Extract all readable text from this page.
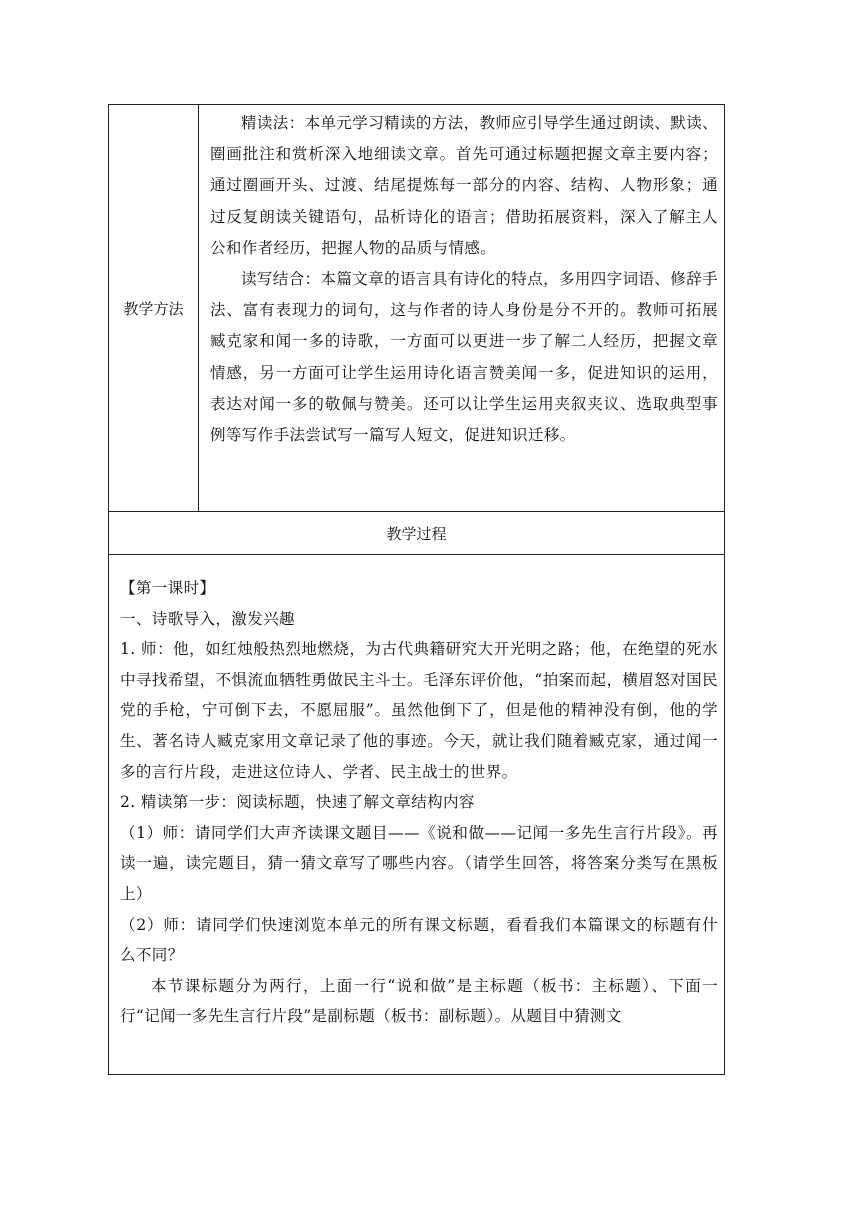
教学方法	

精读法：本单元学习精读的方法，教师应引导学生通过朗读、默读、圈画批注和赏析深入地细读文章。首先可通过标题把握文章主要内容；通过圈画开头、过渡、结尾提炼每一部分的内容、结构、人物形象；通过反复朗读关键语句，品析诗化的语言；借助拓展资料，深入了解主人公和作者经历，把握人物的品质与情感。

读写结合：本篇文章的语言具有诗化的特点，多用四字词语、修辞手法、富有表现力的词句，这与作者的诗人身份是分不开的。教师可拓展臧克家和闻一多的诗歌，一方面可以更进一步了解二人经历，把握文章情感，另一方面可让学生运用诗化语言赞美闻一多，促进知识的运用，表达对闻一多的敬佩与赞美。还可以让学生运用夹叙夹议、选取典型事例等写作手法尝试写一篇写人短文，促进知识迁移。

教学过程

【第一课时】

一、诗歌导入，激发兴趣

1. 师：他，如红烛般热烈地燃烧，为古代典籍研究大开光明之路；他，在绝望的死水中寻找希望，不惧流血牺牲勇做民主斗士。毛泽东评价他，“拍案而起，横眉怒对国民党的手枪，宁可倒下去，不愿屈服”。虽然他倒下了，但是他的精神没有倒，他的学生、著名诗人臧克家用文章记录了他的事迹。今天，就让我们随着臧克家，通过闻一多的言行片段，走进这位诗人、学者、民主战士的世界。

2. 精读第一步：阅读标题，快速了解文章结构内容

（1）师：请同学们大声齐读课文题目——《说和做——记闻一多先生言行片段》。再读一遍，读完题目，猜一猜文章写了哪些内容。（请学生回答，将答案分类写在黑板上）

（2）师：请同学们快速浏览本单元的所有课文标题，看看我们本篇课文的标题有什么不同？

本节课标题分为两行，上面一行“说和做”是主标题（板书：主标题）、下面一行“记闻一多先生言行片段”是副标题（板书：副标题）。从题目中猜测文
